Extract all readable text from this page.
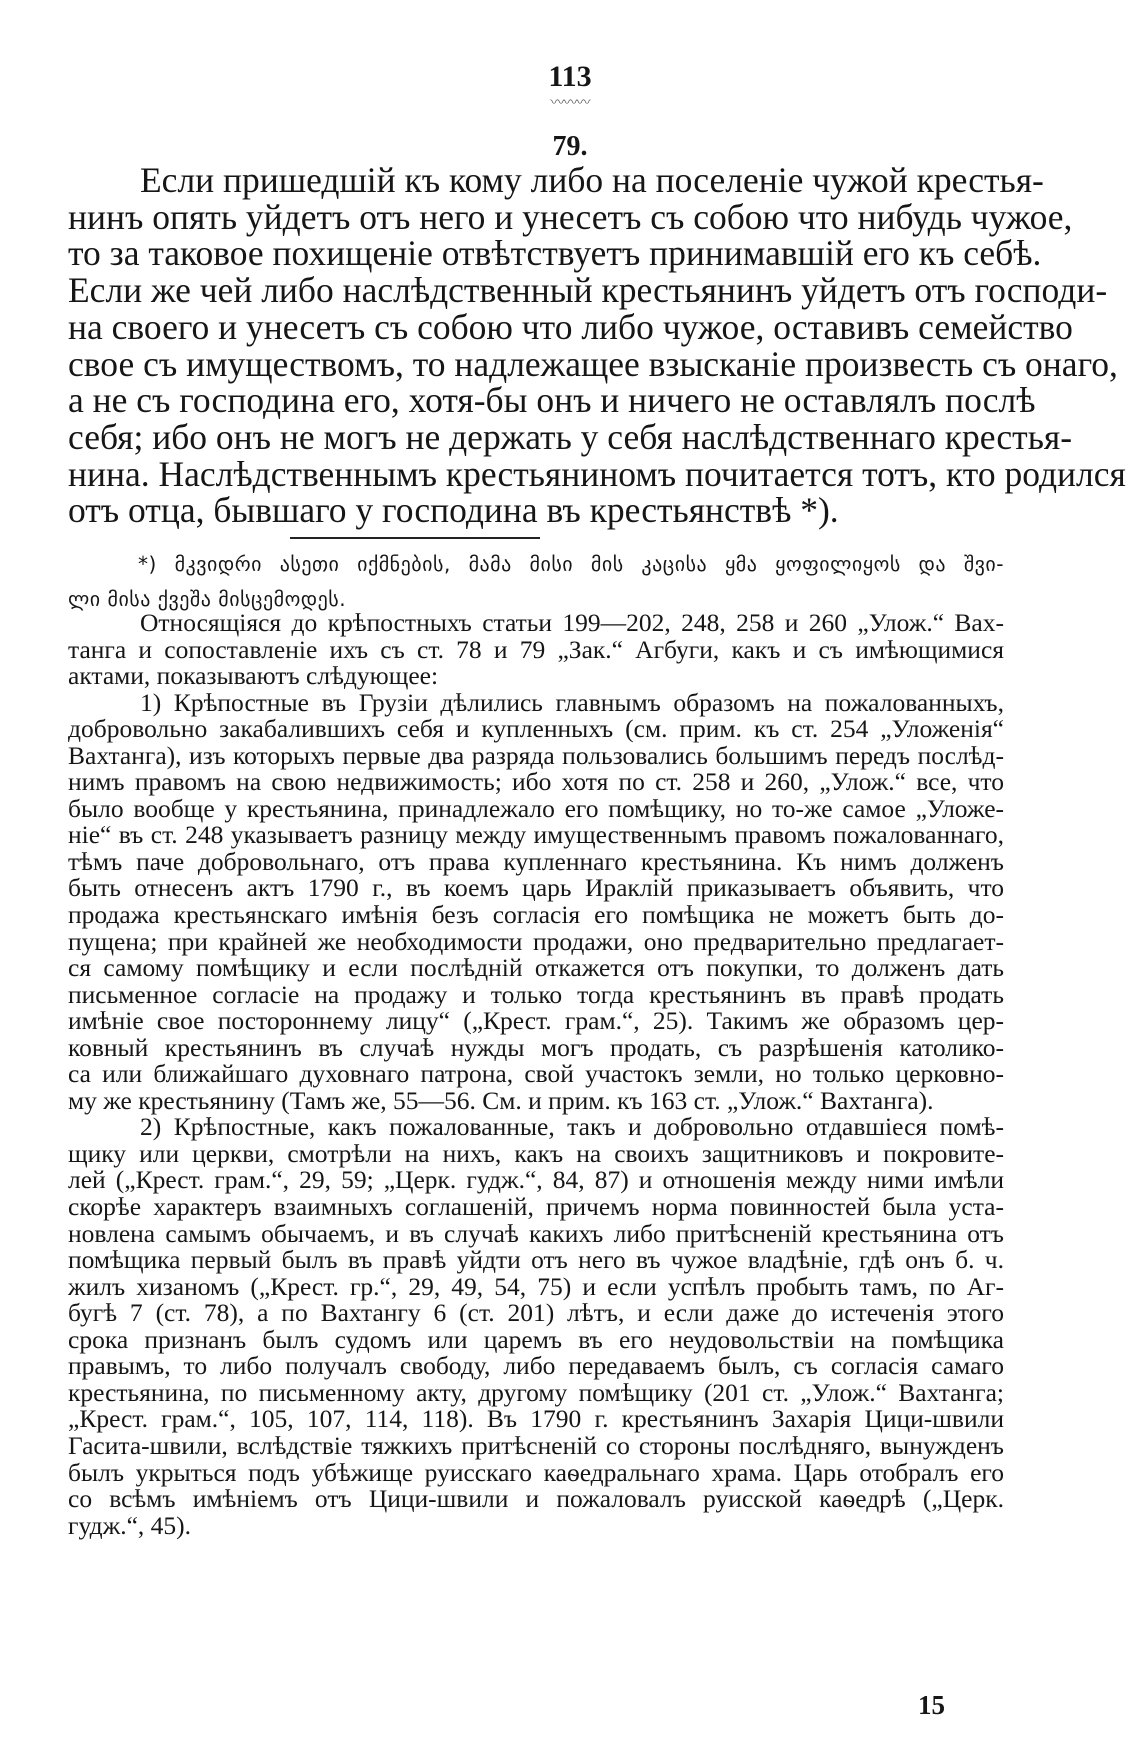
113
〰〰〰
79.
Если пришедшій къ кому либо на поселеніе чужой крестья-
нинъ опять уйдетъ отъ него и унесетъ съ собою что нибудь чужое,
то за таковое похищеніе отвѣтствуетъ принимавшій его къ себѣ.
Если же чей либо наслѣдственный крестьянинъ уйдетъ отъ господи-
на своего и унесетъ съ собою что либо чужое, оставивъ семейство
свое съ имуществомъ, то надлежащее взысканіе произвесть съ онаго,
а не съ господина его, хотя-бы онъ и ничего не оставлялъ послѣ
себя; ибо онъ не могъ не держать у себя наслѣдственнаго крестья-
нина. Наслѣдственнымъ крестьяниномъ почитается тотъ, кто родился
отъ отца, бывшаго у господина въ крестьянствѣ *).
*) მკვიდრი ასეთი იქმნების, მამა მისი მის კაცისა ყმა ყოფილიყოს და შვი-
ლი მისა ქვეშა მისცემოდეს.
Относящіяся до крѣпостныхъ статьи 199—202, 248, 258 и 260 „Улож.“ Вах-
танга и сопоставленіе ихъ съ ст. 78 и 79 „Зак.“ Агбуги, какъ и съ имѣющимися
актами, показываютъ слѣдующее:
1) Крѣпостные въ Грузіи дѣлились главнымъ образомъ на пожалованныхъ,
добровольно закабалившихъ себя и купленныхъ (см. прим. къ ст. 254 „Уложенія“
Вахтанга), изъ которыхъ первые два разряда пользовались большимъ передъ послѣд-
нимъ правомъ на свою недвижимость; ибо хотя по ст. 258 и 260, „Улож.“ все, что
было вообще у крестьянина, принадлежало его помѣщику, но то-же самое „Уложе-
ніе“ въ ст. 248 указываетъ разницу между имущественнымъ правомъ пожалованнаго,
тѣмъ паче добровольнаго, отъ права купленнаго крестьянина. Къ нимъ долженъ
быть отнесенъ актъ 1790 г., въ коемъ царь Ираклій приказываетъ объявить, что
продажа крестьянскаго имѣнія безъ согласія его помѣщика не можетъ быть до-
пущена; при крайней же необходимости продажи, оно предварительно предлагает-
ся самому помѣщику и если послѣдній откажется отъ покупки, то долженъ дать
письменное согласіе на продажу и только тогда крестьянинъ въ правѣ продать
имѣніе свое постороннему лицу“ („Крест. грам.“, 25). Такимъ же образомъ цер-
ковный крестьянинъ въ случаѣ нужды могъ продать, съ разрѣшенія католико-
са или ближайшаго духовнаго патрона, свой участокъ земли, но только церковно-
му же крестьянину (Тамъ же, 55—56. См. и прим. къ 163 ст. „Улож.“ Вахтанга).
2) Крѣпостные, какъ пожалованные, такъ и добровольно отдавшіеся помѣ-
щику или церкви, смотрѣли на нихъ, какъ на своихъ защитниковъ и покровите-
лей („Крест. грам.“, 29, 59; „Церк. гудж.“, 84, 87) и отношенія между ними имѣли
скорѣе характеръ взаимныхъ соглашеній, причемъ норма повинностей была уста-
новлена самымъ обычаемъ, и въ случаѣ какихъ либо притѣсненій крестьянина отъ
помѣщика первый былъ въ правѣ уйдти отъ него въ чужое владѣніе, гдѣ онъ б. ч.
жилъ хизаномъ („Крест. гр.“, 29, 49, 54, 75) и если успѣлъ пробыть тамъ, по Аг-
бугѣ 7 (ст. 78), а по Вахтангу 6 (ст. 201) лѣтъ, и если даже до истеченія этого
срока признанъ былъ судомъ или царемъ въ его неудовольствіи на помѣщика
правымъ, то либо получалъ свободу, либо передаваемъ былъ, съ согласія самаго
крестьянина, по письменному акту, другому помѣщику (201 ст. „Улож.“ Вахтанга;
„Крест. грам.“, 105, 107, 114, 118). Въ 1790 г. крестьянинъ Захарія Цици-швили
Гасита-швили, вслѣдствіе тяжкихъ притѣсненій со стороны послѣдняго, вынужденъ
былъ укрыться подъ убѣжище руисскаго каѳедральнаго храма. Царь отобралъ его
со всѣмъ имѣніемъ отъ Цици-швили и пожаловалъ руисской каѳедрѣ („Церк.
гудж.“, 45).
15
